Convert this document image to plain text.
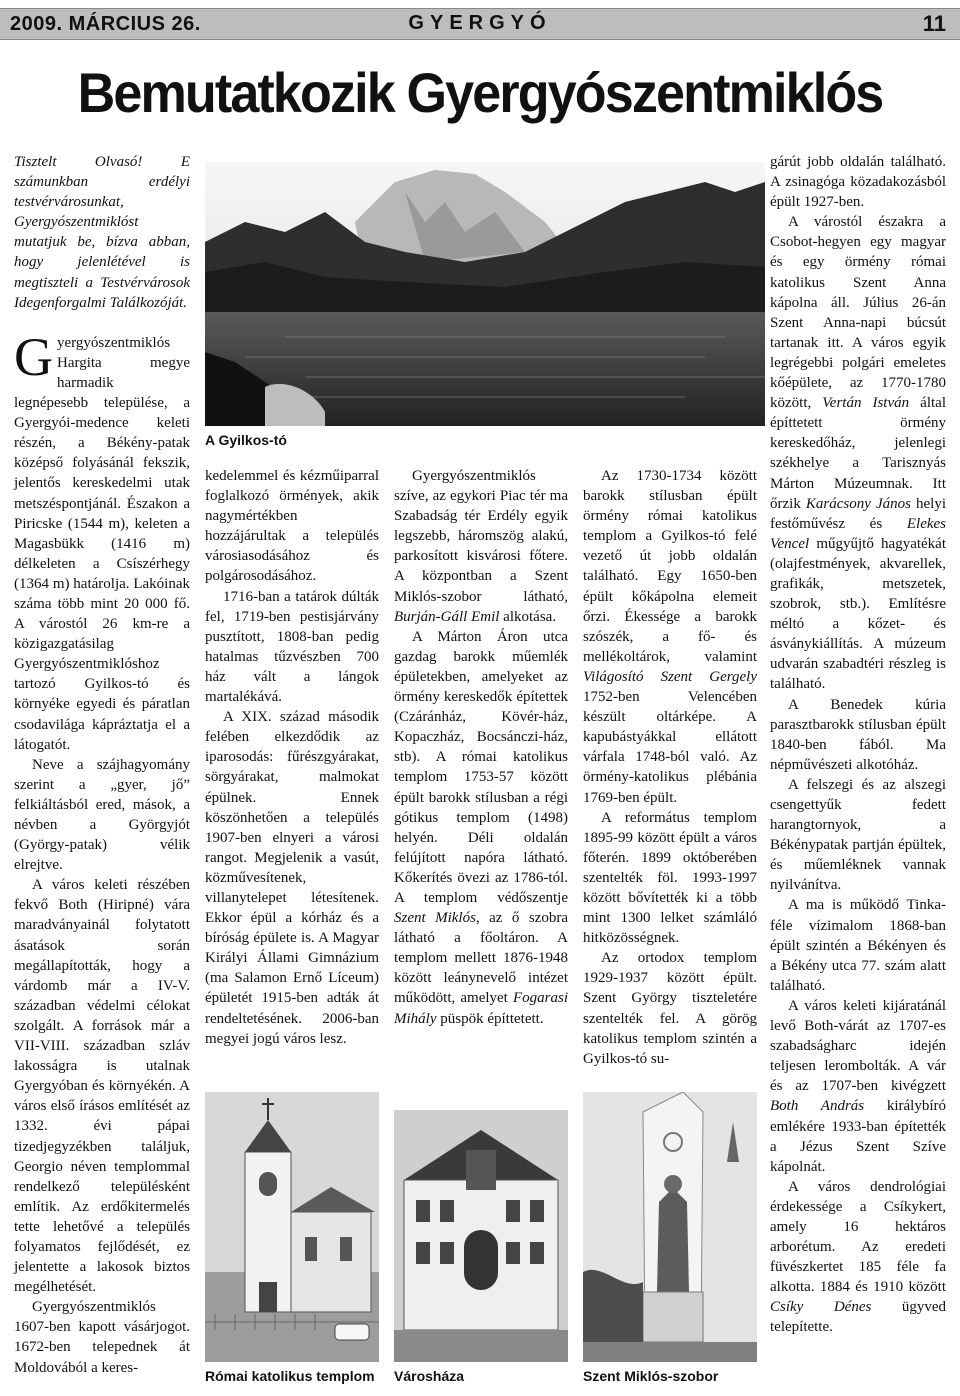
2009. MÁRCIUS 26.	GYERGYÓ	11
Bemutatkozik Gyergyószentmiklós

Tisztelt Olvasó! E számunkban erdélyi testvérvárosunkat, Gyergyószentmiklóst mutatjuk be, bízva abban, hogy jelenlétével is megtiszteli a Testvérvárosok Idegenforgalmi Találkozóját.

Gyergyószentmiklós Hargita megye harmadik legnépesebb települése, a Gyergyói-medence keleti részén, a Békény-patak középső folyásánál fekszik, jelentős kereskedelmi utak metszéspontjánál. Északon a Piricske (1544 m), keleten a Magasbükk (1416 m) délkeleten a Csíszérhegy (1364 m) határolja. Lakóinak száma több mint 20 000 fő. A várostól 26 km-re a közigazgatásilag Gyergyószentmiklóshoz tartozó Gyilkos-tó és környéke egyedi és páratlan csodavilága kápráztatja el a látogatót.

Neve a szájhagyomány szerint a „gyer, jő” felkiáltásból ered, mások, a névben a Györgyjót (György-patak) vélik elrejtve.

A város keleti részében fekvő Both (Hiripné) vára maradványainál folytatott ásatások során megállapították, hogy a várdomb már a IV-V. században védelmi célokat szolgált. A források már a VII-VIII. században szláv lakosságra is utalnak Gyergyóban és környékén. A város első írásos említését az 1332. évi pápai tizedjegyzékben találjuk, Georgio néven templommal rendelkező településként említik. Az erdőkitermelés tette lehetővé a település folyamatos fejlődését, ez jelentette a lakosok biztos megélhetését.

Gyergyószentmiklós 1607-ben kapott vásárjogot. 1672-ben telepednek át Moldovából a keres-

A Gyilkos-tó

kedelemmel és kézműiparral foglalkozó örmények, akik nagymértékben hozzájárultak a település városiasodásához és polgárosodásához.

1716-ban a tatárok dúlták fel, 1719-ben pestisjárvány pusztított, 1808-ban pedig hatalmas tűzvészben 700 ház vált a lángok martalékává.

A XIX. század második felében elkezdődik az iparosodás: fűrészgyárakat, sörgyárakat, malmokat épülnek. Ennek köszönhetően a település 1907-ben elnyeri a városi rangot. Megjelenik a vasút, közművesítenek, villanytelepet létesítenek. Ekkor épül a kórház és a bíróság épülete is. A Magyar Királyi Állami Gimnázium (ma Salamon Ernő Líceum) épületét 1915-ben adták át rendeltetésének. 2006-ban megyei jogú város lesz.

Gyergyószentmiklós szíve, az egykori Piac tér ma Szabadság tér Erdély egyik legszebb, háromszög alakú, parkosított kisvárosi főtere. A központban a Szent Miklós-szobor látható, Burján-Gáll Emil alkotása.

A Márton Áron utca gazdag barokk műemlék épületekben, amelyeket az örmény kereskedők építettek (Czáránház, Kövér-ház, Kopaczház, Bocsánczi-ház, stb). A római katolikus templom 1753-57 között épült barokk stílusban a régi gótikus templom (1498) helyén. Déli oldalán felújított napóra látható. Kőkerítés övezi az 1786-tól. A templom védőszentje Szent Miklós, az ő szobra látható a főoltáron. A templom mellett 1876-1948 között leánynevelő intézet működött, amelyet Fogarasi Mihály püspök építtetett.

Az 1730-1734 között barokk stílusban épült örmény római katolikus templom a Gyilkos-tó felé vezető út jobb oldalán található. Egy 1650-ben épült kőkápolna elemeit őrzi. Ékessége a barokk szószék, a fő- és mellékoltárok, valamint Világosító Szent Gergely 1752-ben Velencében készült oltárképe. A kapubástyákkal ellátott várfala 1748-ból való. Az örmény-katolikus plébánia 1769-ben épült.

A református templom 1895-99 között épült a város főterén. 1899 októberében szentelték föl. 1993-1997 között bővítették ki a több mint 1300 lelket számláló hitközösségnek.

Az ortodox templom 1929-1937 között épült. Szent György tiszteletére szentelték fel. A görög katolikus templom szintén a Gyilkos-tó su-

gárút jobb oldalán található. A zsinagóga közadakozásból épült 1927-ben.

A várostól északra a Csobot-hegyen egy magyar és egy örmény római katolikus Szent Anna kápolna áll. Július 26-án Szent Anna-napi búcsút tartanak itt. A város egyik legrégebbi polgári emeletes kőépülete, az 1770-1780 között, Vertán István által építtetett örmény kereskedőház, jelenlegi székhelye a Tarisznyás Márton Múzeumnak. Itt őrzik Karácsony János helyi festőművész és Elekes Vencel műgyűjtő hagyatékát (olajfestmények, akvarellek, grafikák, metszetek, szobrok, stb.). Említésre méltó a kőzet- és ásványkiállítás. A múzeum udvarán szabadtéri részleg is található.

A Benedek kúria parasztbarokk stílusban épült 1840-ben fából. Ma népművészeti alkotóház.

A felszegi és az alszegi csengettyűk fedett harangtornyok, a Békénypatak partján épültek, és műemléknek vannak nyilvánítva.

A ma is működő Tinka-féle vízimalom 1868-ban épült szintén a Békényen és a Békény utca 77. szám alatt található.

A város keleti kijáratánál levő Both-várát az 1707-es szabadságharc idején teljesen lerombolták. A vár és az 1707-ben kivégzett Both András királybíró emlékére 1933-ban építették a Jézus Szent Szíve kápolnát.

A város dendrológiai érdekessége a Csíkykert, amely 16 hektáros arborétum. Az eredeti füvészkertet 185 féle fa alkotta. 1884 és 1910 között Csíky Dénes ügyved telepítette.

Római katolikus templom Városháza	Szent Miklós-szobor
